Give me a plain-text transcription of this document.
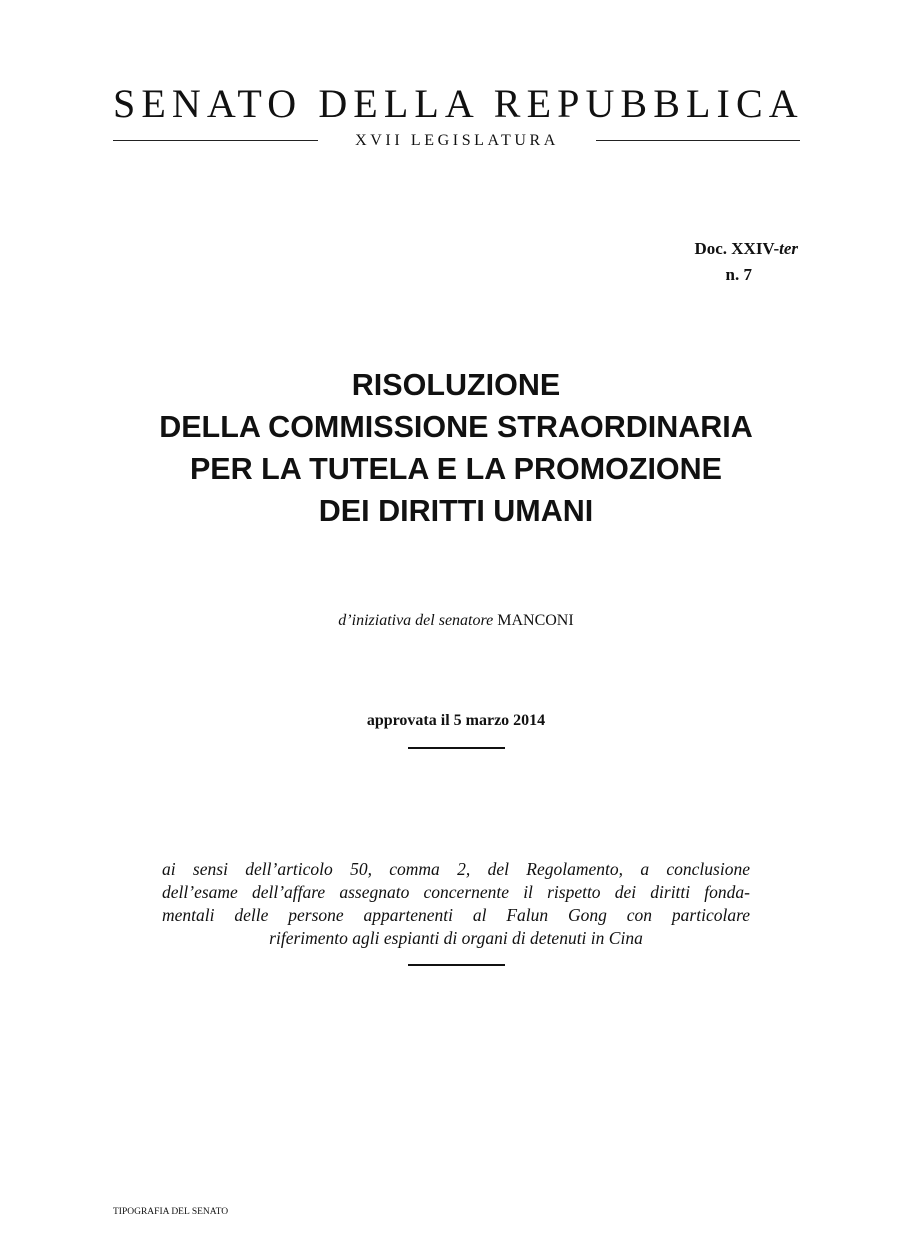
SENATO DELLA REPUBBLICA
XVII LEGISLATURA
Doc. XXIV-ter
n. 7
RISOLUZIONE
DELLA COMMISSIONE STRAORDINARIA
PER LA TUTELA E LA PROMOZIONE
DEI DIRITTI UMANI
d’iniziativa del senatore MANCONI
approvata il 5 marzo 2014
ai sensi dell’articolo 50, comma 2, del Regolamento, a conclusione
dell’esame dell’affare assegnato concernente il rispetto dei diritti fonda-
mentali delle persone appartenenti al Falun Gong con particolare
riferimento agli espianti di organi di detenuti in Cina
TIPOGRAFIA DEL SENATO
